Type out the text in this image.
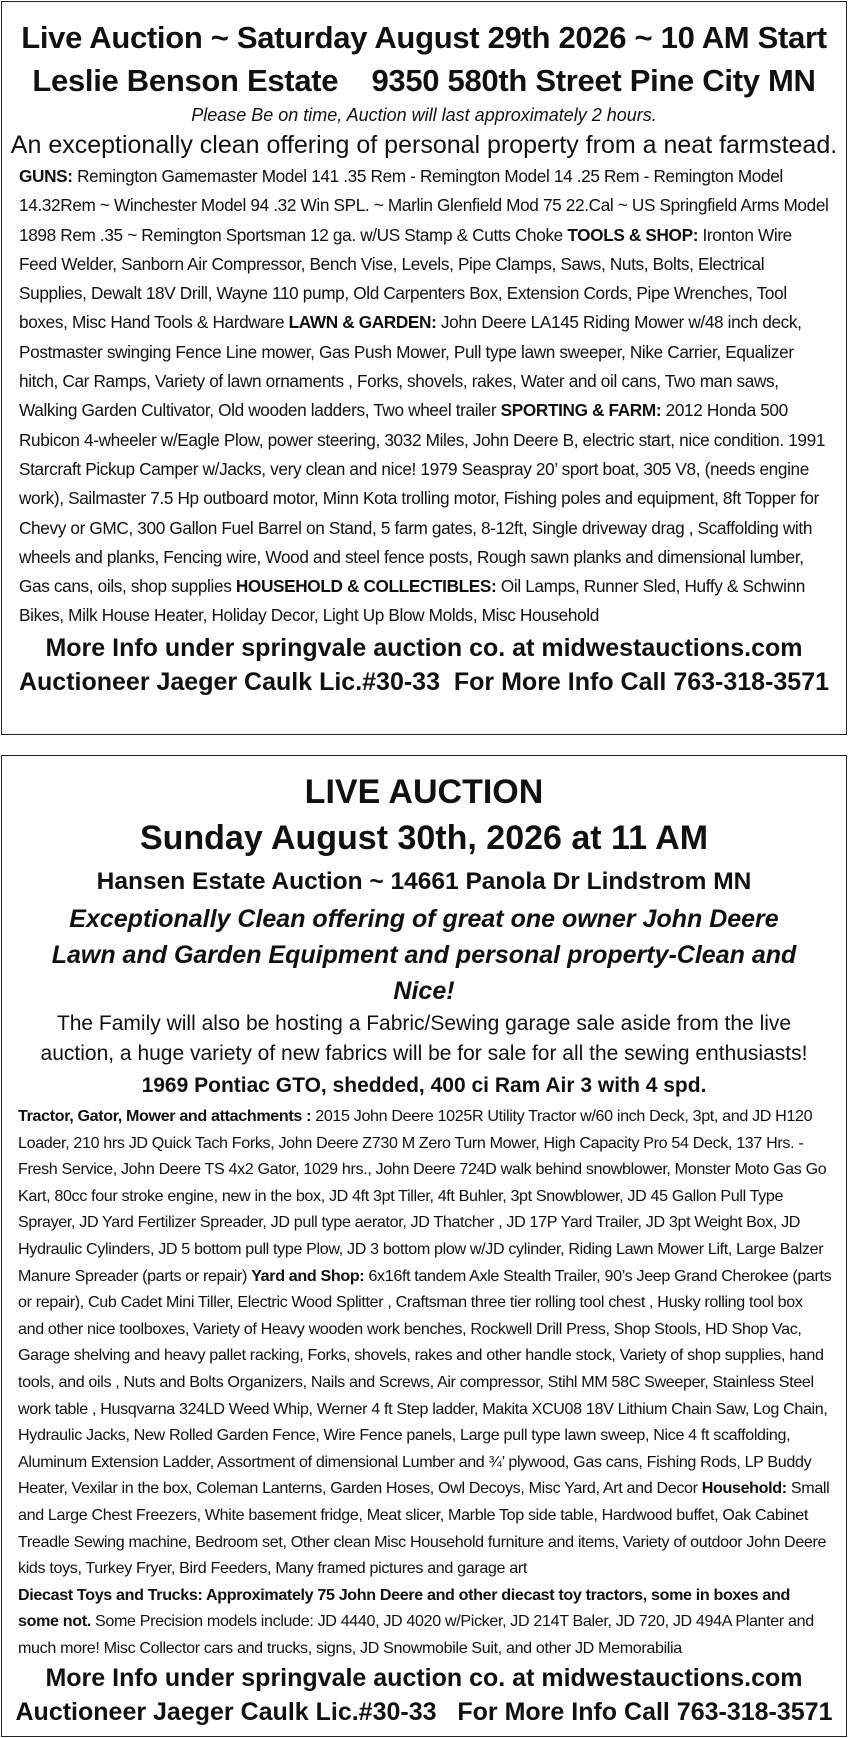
Live Auction ~ Saturday August 29th 2026 ~ 10 AM Start
Leslie Benson Estate    9350 580th Street Pine City MN
Please Be on time, Auction will last approximately 2 hours.
An exceptionally clean offering of personal property from a neat farmstead.
GUNS: Remington Gamemaster Model 141 .35 Rem - Remington Model 14 .25 Rem - Remington Model 14.32Rem ~ Winchester Model 94 .32 Win SPL. ~ Marlin Glenfield Mod 75 22.Cal ~ US Springfield Arms Model 1898 Rem .35 ~ Remington Sportsman 12 ga. w/US Stamp & Cutts Choke TOOLS & SHOP: Ironton Wire Feed Welder, Sanborn Air Compressor, Bench Vise, Levels, Pipe Clamps, Saws, Nuts, Bolts, Electrical Supplies, Dewalt 18V Drill, Wayne 110 pump, Old Carpenters Box, Extension Cords, Pipe Wrenches, Tool boxes, Misc Hand Tools & Hardware LAWN & GARDEN: John Deere LA145 Riding Mower w/48 inch deck, Postmaster swinging Fence Line mower, Gas Push Mower, Pull type lawn sweeper, Nike Carrier, Equalizer hitch, Car Ramps, Variety of lawn ornaments , Forks, shovels, rakes, Water and oil cans, Two man saws, Walking Garden Cultivator, Old wooden ladders, Two wheel trailer SPORTING & FARM: 2012 Honda 500 Rubicon 4-wheeler w/Eagle Plow, power steering, 3032 Miles, John Deere B, electric start, nice condition. 1991 Starcraft Pickup Camper w/Jacks, very clean and nice! 1979 Seaspray 20’ sport boat, 305 V8, (needs engine work), Sailmaster 7.5 Hp outboard motor, Minn Kota trolling motor, Fishing poles and equipment, 8ft Topper for Chevy or GMC, 300 Gallon Fuel Barrel on Stand, 5 farm gates, 8-12ft, Single driveway drag , Scaffolding with wheels and planks, Fencing wire, Wood and steel fence posts, Rough sawn planks and dimensional lumber, Gas cans, oils, shop supplies HOUSEHOLD & COLLECTIBLES: Oil Lamps, Runner Sled, Huffy & Schwinn Bikes, Milk House Heater, Holiday Decor, Light Up Blow Molds, Misc Household
More Info under springvale auction co. at midwestauctions.com
Auctioneer Jaeger Caulk Lic.#30-33  For More Info Call 763-318-3571
LIVE AUCTION
Sunday August 30th, 2026 at 11 AM
Hansen Estate Auction ~ 14661 Panola Dr Lindstrom MN
Exceptionally Clean offering of great one owner John Deere Lawn and Garden Equipment and personal property-Clean and Nice!
The Family will also be hosting a Fabric/Sewing garage sale aside from the live auction, a huge variety of new fabrics will be for sale for all the sewing enthusiasts!
1969 Pontiac GTO, shedded, 400 ci Ram Air 3 with 4 spd.
Tractor, Gator, Mower and attachments : 2015 John Deere 1025R Utility Tractor w/60 inch Deck, 3pt, and JD H120 Loader, 210 hrs JD Quick Tach Forks, John Deere Z730 M Zero Turn Mower, High Capacity Pro 54 Deck, 137 Hrs. - Fresh Service, John Deere TS 4x2 Gator, 1029 hrs., John Deere 724D walk behind snowblower, Monster Moto Gas Go Kart, 80cc four stroke engine, new in the box, JD 4ft 3pt Tiller, 4ft Buhler, 3pt Snowblower, JD 45 Gallon Pull Type Sprayer, JD Yard Fertilizer Spreader, JD pull type aerator, JD Thatcher , JD 17P Yard Trailer, JD 3pt Weight Box, JD Hydraulic Cylinders, JD 5 bottom pull type Plow, JD 3 bottom plow w/JD cylinder, Riding Lawn Mower Lift, Large Balzer Manure Spreader (parts or repair) Yard and Shop: 6x16ft tandem Axle Stealth Trailer, 90’s Jeep Grand Cherokee (parts or repair), Cub Cadet Mini Tiller, Electric Wood Splitter , Craftsman three tier rolling tool chest , Husky rolling tool box and other nice toolboxes, Variety of Heavy wooden work benches, Rockwell Drill Press, Shop Stools, HD Shop Vac, Garage shelving and heavy pallet racking, Forks, shovels, rakes and other handle stock, Variety of shop supplies, hand tools, and oils , Nuts and Bolts Organizers, Nails and Screws, Air compressor, Stihl MM 58C Sweeper, Stainless Steel work table , Husqvarna 324LD Weed Whip, Werner 4 ft Step ladder, Makita XCU08 18V Lithium Chain Saw, Log Chain, Hydraulic Jacks, New Rolled Garden Fence, Wire Fence panels, Large pull type lawn sweep, Nice 4 ft scaffolding, Aluminum Extension Ladder, Assortment of dimensional Lumber and ¾’ plywood, Gas cans, Fishing Rods, LP Buddy Heater, Vexilar in the box, Coleman Lanterns, Garden Hoses, Owl Decoys, Misc Yard, Art and Decor Household: Small and Large Chest Freezers, White basement fridge, Meat slicer, Marble Top side table, Hardwood buffet, Oak Cabinet Treadle Sewing machine, Bedroom set, Other clean Misc Household furniture and items, Variety of outdoor John Deere kids toys, Turkey Fryer, Bird Feeders, Many framed pictures and garage art
Diecast Toys and Trucks: Approximately 75 John Deere and other diecast toy tractors, some in boxes and some not. Some Precision models include: JD 4440, JD 4020 w/Picker, JD 214T Baler, JD 720, JD 494A Planter and much more! Misc Collector cars and trucks, signs, JD Snowmobile Suit, and other JD Memorabilia
More Info under springvale auction co. at midwestauctions.com
Auctioneer Jaeger Caulk Lic.#30-33   For More Info Call 763-318-3571
